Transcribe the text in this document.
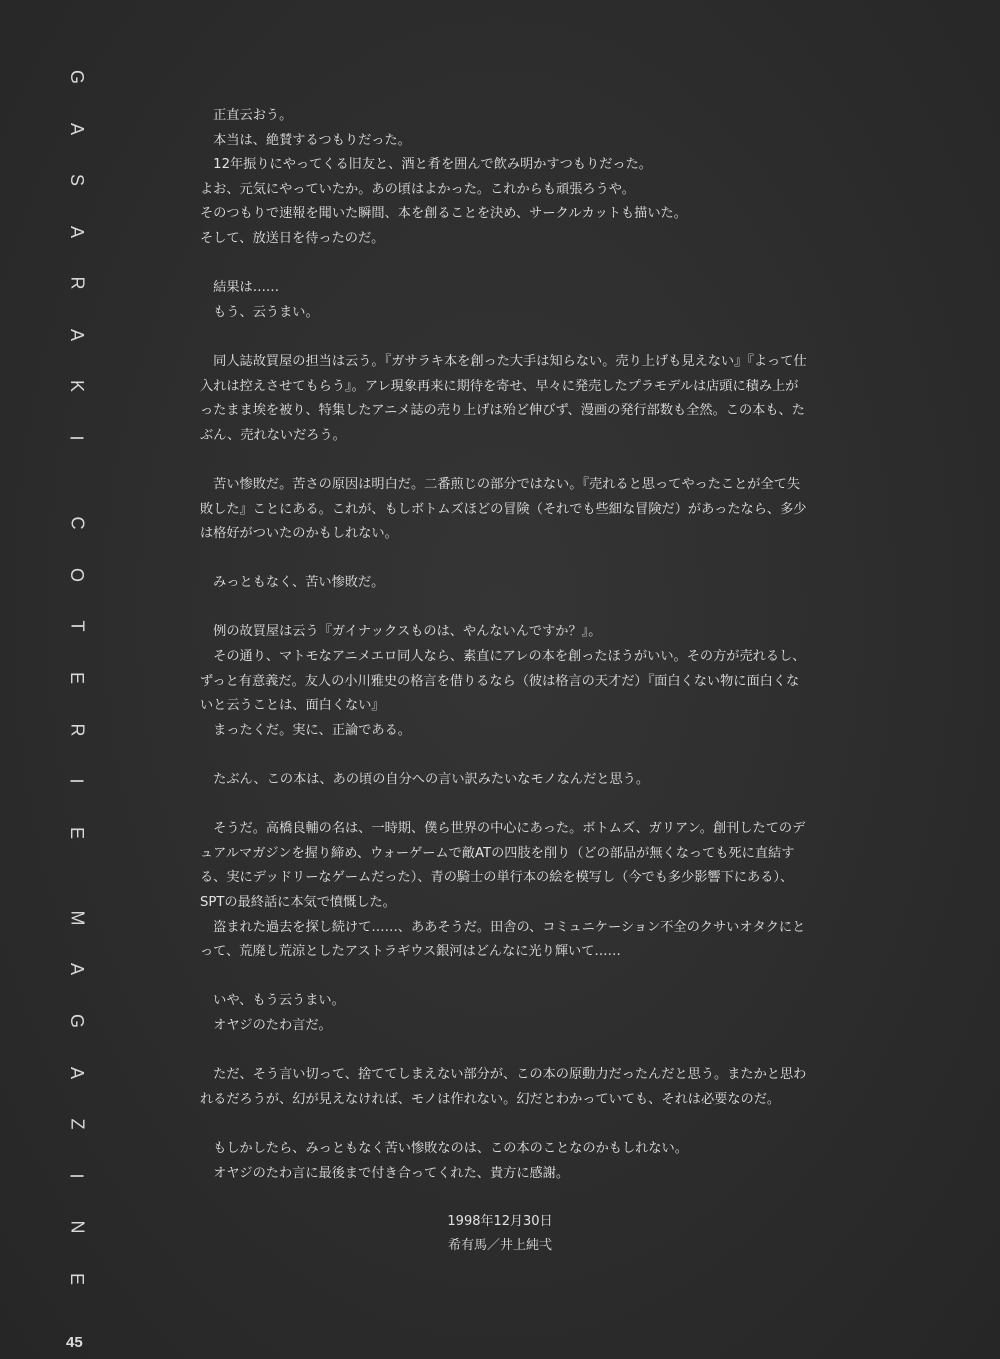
G
A
S
A
R
A
K
I
C
O
T
E
R
I
E
M
A
G
A
Z
I
N
E
　正直云おう。
　本当は、絶賛するつもりだった。
　12年振りにやってくる旧友と、酒と肴を囲んで飲み明かすつもりだった。
よお、元気にやっていたか。あの頃はよかった。これからも頑張ろうや。
そのつもりで速報を聞いた瞬間、本を創ることを決め、サークルカットも描いた。
そして、放送日を待ったのだ。
　結果は……
　もう、云うまい。
　同人誌故買屋の担当は云う。『ガサラキ本を創った大手は知らない。売り上げも見えない』『よって仕
入れは控えさせてもらう』。アレ現象再来に期待を寄せ、早々に発売したプラモデルは店頭に積み上が
ったまま埃を被り、特集したアニメ誌の売り上げは殆ど伸びず、漫画の発行部数も全然。この本も、た
ぶん、売れないだろう。
　苦い惨敗だ。苦さの原因は明白だ。二番煎じの部分ではない。『売れると思ってやったことが全て失
敗した』ことにある。これが、もしボトムズほどの冒険（それでも些細な冒険だ）があったなら、多少
は格好がついたのかもしれない。
　みっともなく、苦い惨敗だ。
　例の故買屋は云う『ガイナックスものは、やんないんですか？』。
　その通り、マトモなアニメエロ同人なら、素直にアレの本を創ったほうがいい。その方が売れるし、
ずっと有意義だ。友人の小川雅史の格言を借りるなら（彼は格言の天才だ）『面白くない物に面白くな
いと云うことは、面白くない』
　まったくだ。実に、正論である。
　たぶん、この本は、あの頃の自分への言い訳みたいなモノなんだと思う。
　そうだ。高橋良輔の名は、一時期、僕ら世界の中心にあった。ボトムズ、ガリアン。創刊したてのデ
ュアルマガジンを握り締め、ウォーゲームで敵ATの四肢を削り（どの部品が無くなっても死に直結す
る、実にデッドリーなゲームだった）、青の騎士の単行本の絵を模写し（今でも多少影響下にある）、
SPTの最終話に本気で憤慨した。
　盗まれた過去を探し続けて……、ああそうだ。田舎の、コミュニケーション不全のクサいオタクにと
って、荒廃し荒涼としたアストラギウス銀河はどんなに光り輝いて……
　いや、もう云うまい。
　オヤジのたわ言だ。
　ただ、そう言い切って、捨ててしまえない部分が、この本の原動力だったんだと思う。またかと思わ
れるだろうが、幻が見えなければ、モノは作れない。幻だとわかっていても、それは必要なのだ。
　もしかしたら、みっともなく苦い惨敗なのは、この本のことなのかもしれない。
　オヤジのたわ言に最後まで付き合ってくれた、貴方に感謝。
1998年12月30日
希有馬／井上純弌
45
